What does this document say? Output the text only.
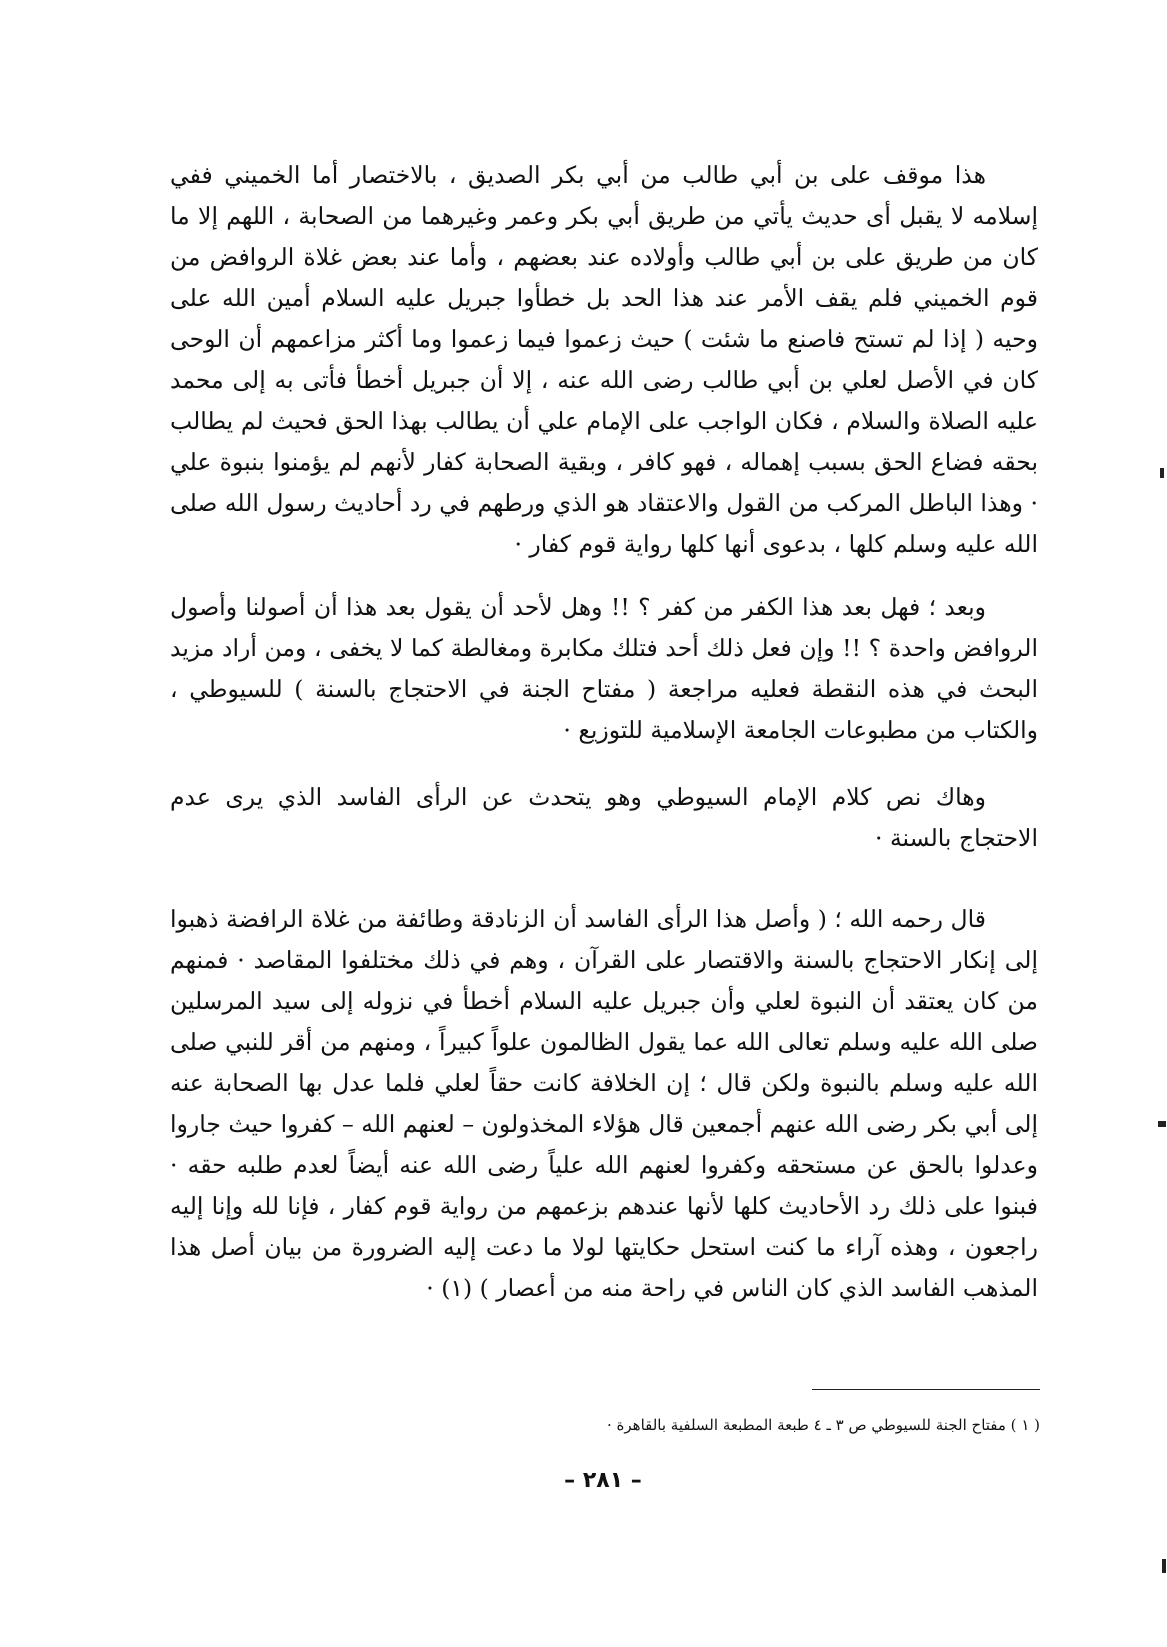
هذا موقف على بن أبي طالب من أبي بكر الصديق ، بالاختصار أما الخميني ففي إسلامه لا يقبل أى حديث يأتي من طريق أبي بكر وعمر وغيرهما من الصحابة ، اللهم إلا ما كان من طريق على بن أبي طالب وأولاده عند بعضهم ، وأما عند بعض غلاة الروافض من قوم الخميني فلم يقف الأمر عند هذا الحد بل خطأوا جبريل عليه السلام أمين الله على وحيه ( إذا لم تستح فاصنع ما شئت ) حيث زعموا فيما زعموا وما أكثر مزاعمهم أن الوحى كان في الأصل لعلي بن أبي طالب رضى الله عنه ، إلا أن جبريل أخطأ فأتى به إلى محمد عليه الصلاة والسلام ، فكان الواجب على الإمام علي أن يطالب بهذا الحق فحيث لم يطالب بحقه فضاع الحق بسبب إهماله ، فهو كافر ، وبقية الصحابة كفار لأنهم لم يؤمنوا بنبوة علي · وهذا الباطل المركب من القول والاعتقاد هو الذي ورطهم في رد أحاديث رسول الله صلى الله عليه وسلم كلها ، بدعوى أنها كلها رواية قوم كفار ·

وبعد ؛ فهل بعد هذا الكفر من كفر ؟ !! وهل لأحد أن يقول بعد هذا أن أصولنا وأصول الروافض واحدة ؟ !! وإن فعل ذلك أحد فتلك مكابرة ومغالطة كما لا يخفى ، ومن أراد مزيد البحث في هذه النقطة فعليه مراجعة ( مفتاح الجنة في الاحتجاج بالسنة ) للسيوطي ، والكتاب من مطبوعات الجامعة الإسلامية للتوزيع ·

وهاك نص كلام الإمام السيوطي وهو يتحدث عن الرأى الفاسد الذي يرى عدم الاحتجاج بالسنة ·

قال رحمه الله ؛ ( وأصل هذا الرأى الفاسد أن الزنادقة وطائفة من غلاة الرافضة ذهبوا إلى إنكار الاحتجاج بالسنة والاقتصار على القرآن ، وهم في ذلك مختلفوا المقاصد · فمنهم من كان يعتقد أن النبوة لعلي وأن جبريل عليه السلام أخطأ في نزوله إلى سيد المرسلين صلى الله عليه وسلم تعالى الله عما يقول الظالمون علواً كبيراً ، ومنهم من أقر للنبي صلى الله عليه وسلم بالنبوة ولكن قال ؛ إن الخلافة كانت حقاً لعلي فلما عدل بها الصحابة عنه إلى أبي بكر رضى الله عنهم أجمعين قال هؤلاء المخذولون – لعنهم الله – كفروا حيث جاروا وعدلوا بالحق عن مستحقه وكفروا لعنهم الله علياً رضى الله عنه أيضاً لعدم طلبه حقه · فبنوا على ذلك رد الأحاديث كلها لأنها عندهم بزعمهم من رواية قوم كفار ، فإنا لله وإنا إليه راجعون ، وهذه آراء ما كنت استحل حكايتها لولا ما دعت إليه الضرورة من بيان أصل هذا المذهب الفاسد الذي كان الناس في راحة منه من أعصار ) (١) ·

( ١ ) مفتاح الجنة للسيوطي ص ٣ ـ ٤ طبعة المطبعة السلفية بالقاهرة ·
– ٢٨١ –
